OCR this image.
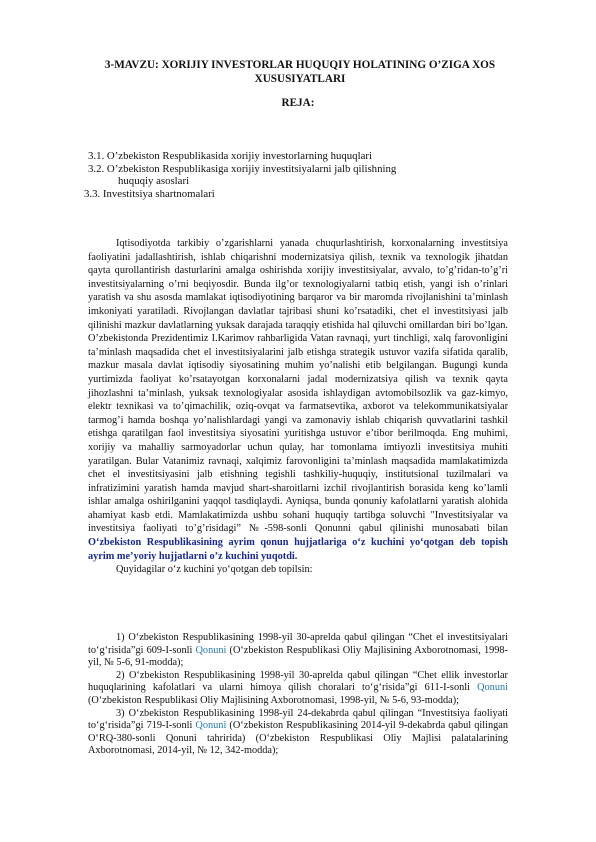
3-MAVZU: XORIJIY INVESTORLAR HUQUQIY HOLATINING O’ZIGA XOS XUSUSIYATLARI
REJA:
3.1. O’zbekiston Respublikasida xorijiy investorlarning huquqlari
3.2. O’zbekiston Respublikasiga xorijiy investitsiyalarni jalb qilishning
huquqiy asoslari
3.3. Investitsiya shartnomalari

Iqtisodiyotda tarkibiy o’zgarishlarni yanada chuqurlashtirish, korxonalarning investitsiya faoliyatini jadallashtirish, ishlab chiqarishni modernizatsiya qilish, texnik va texnologik jihatdan qayta qurollantirish dasturlarini amalga oshirishda xorijiy investitsiyalar, avvalo, to’g’ridan-to’g’ri investitsiyalarning o’rni beqiyosdir. Bunda ilg’or texnologiyalarni tatbiq etish, yangi ish o’rinlari yaratish va shu asosda mamlakat iqtisodiyotining barqaror va bir maromda rivojlanishini ta’minlash imkoniyati yaratiladi. Rivojlangan davlatlar tajribasi shuni ko’rsatadiki, chet el investitsiyasi jalb qilinishi mazkur davlatlarning yuksak darajada taraqqiy etishida hal qiluvchi omillardan biri bo’lgan. O’zbekistonda Prezidentimiz I.Karimov rahbarligida Vatan ravnaqi, yurt tinchligi, xalq farovonligini ta’minlash maqsadida chet el investitsiyalarini jalb etishga strategik ustuvor vazifa sifatida qaralib, mazkur masala davlat iqtisodiy siyosatining muhim yo’nalishi etib belgilangan. Bugungi kunda yurtimizda faoliyat ko’rsatayotgan korxonalarni jadal modernizatsiya qilish va texnik qayta jihozlashni ta’minlash, yuksak texnologiyalar asosida ishlaydigan avtomobilsozlik va gaz-kimyo, elektr texnikasi va to’qimachilik, oziq-ovqat va farmatsevtika, axborot va telekommunikatsiyalar tarmog’i hamda boshqa yo’nalishlardagi yangi va zamonaviy ishlab chiqarish quvvatlarini tashkil etishga qaratilgan faol investitsiya siyosatini yuritishga ustuvor e’tibor berilmoqda. Eng muhimi, xorijiy va mahalliy sarmoyadorlar uchun qulay, har tomonlama imtiyozli investitsiya muhiti yaratilgan. Bular Vatanimiz ravnaqi, xalqimiz farovonligini ta’minlash maqsadida mamlakatimizda chet el investitsiyasini jalb etishning tegishli tashkiliy-huquqiy, institutsional tuzilmalari va infratizimini yaratish hamda mavjud shart-sharoitlarni izchil rivojlantirish borasida keng ko’lamli ishlar amalga oshirilganini yaqqol tasdiqlaydi. Ayniqsa, bunda qonuniy kafolatlarni yaratish alohida ahamiyat kasb etdi. Mamlakatimizda ushbu sohani huquqiy tartibga soluvchi "Investitsiyalar va investitsiya faoliyati to’g’risidagi” №-598-sonli Qonunni qabul qilinishi munosabati bilan O‘zbekiston Respublikasining ayrim qonun hujjatlariga o‘z kuchini yo‘qotgan deb topish ayrim me’yoriy hujjatlarni o’z kuchini yuqotdi.

Quyidagilar o‘z kuchini yo‘qotgan deb topilsin:

1) O‘zbekiston Respublikasining 1998-yil 30-aprelda qabul qilingan “Chet el investitsiyalari to‘g‘risida”gi 609-I-sonli Qonuni (O‘zbekiston Respublikasi Oliy Majlisining Axborotnomasi, 1998-yil, № 5-6, 91-modda);

2) O‘zbekiston Respublikasining 1998-yil 30-aprelda qabul qilingan “Chet ellik investorlar huquqlarining kafolatlari va ularni himoya qilish choralari to‘g‘risida”gi 611-I-sonli Qonuni (O‘zbekiston Respublikasi Oliy Majlisining Axborotnomasi, 1998-yil, № 5-6, 93-modda);

3) O‘zbekiston Respublikasining 1998-yil 24-dekabrda qabul qilingan “Investitsiya faoliyati to‘g‘risida”gi 719-I-sonli Qonuni (O‘zbekiston Respublikasining 2014-yil 9-dekabrda qabul qilingan O‘RQ-380-sonli Qonuni tahririda) (O‘zbekiston Respublikasi Oliy Majlisi palatalarining Axborotnomasi, 2014-yil, № 12, 342-modda);
